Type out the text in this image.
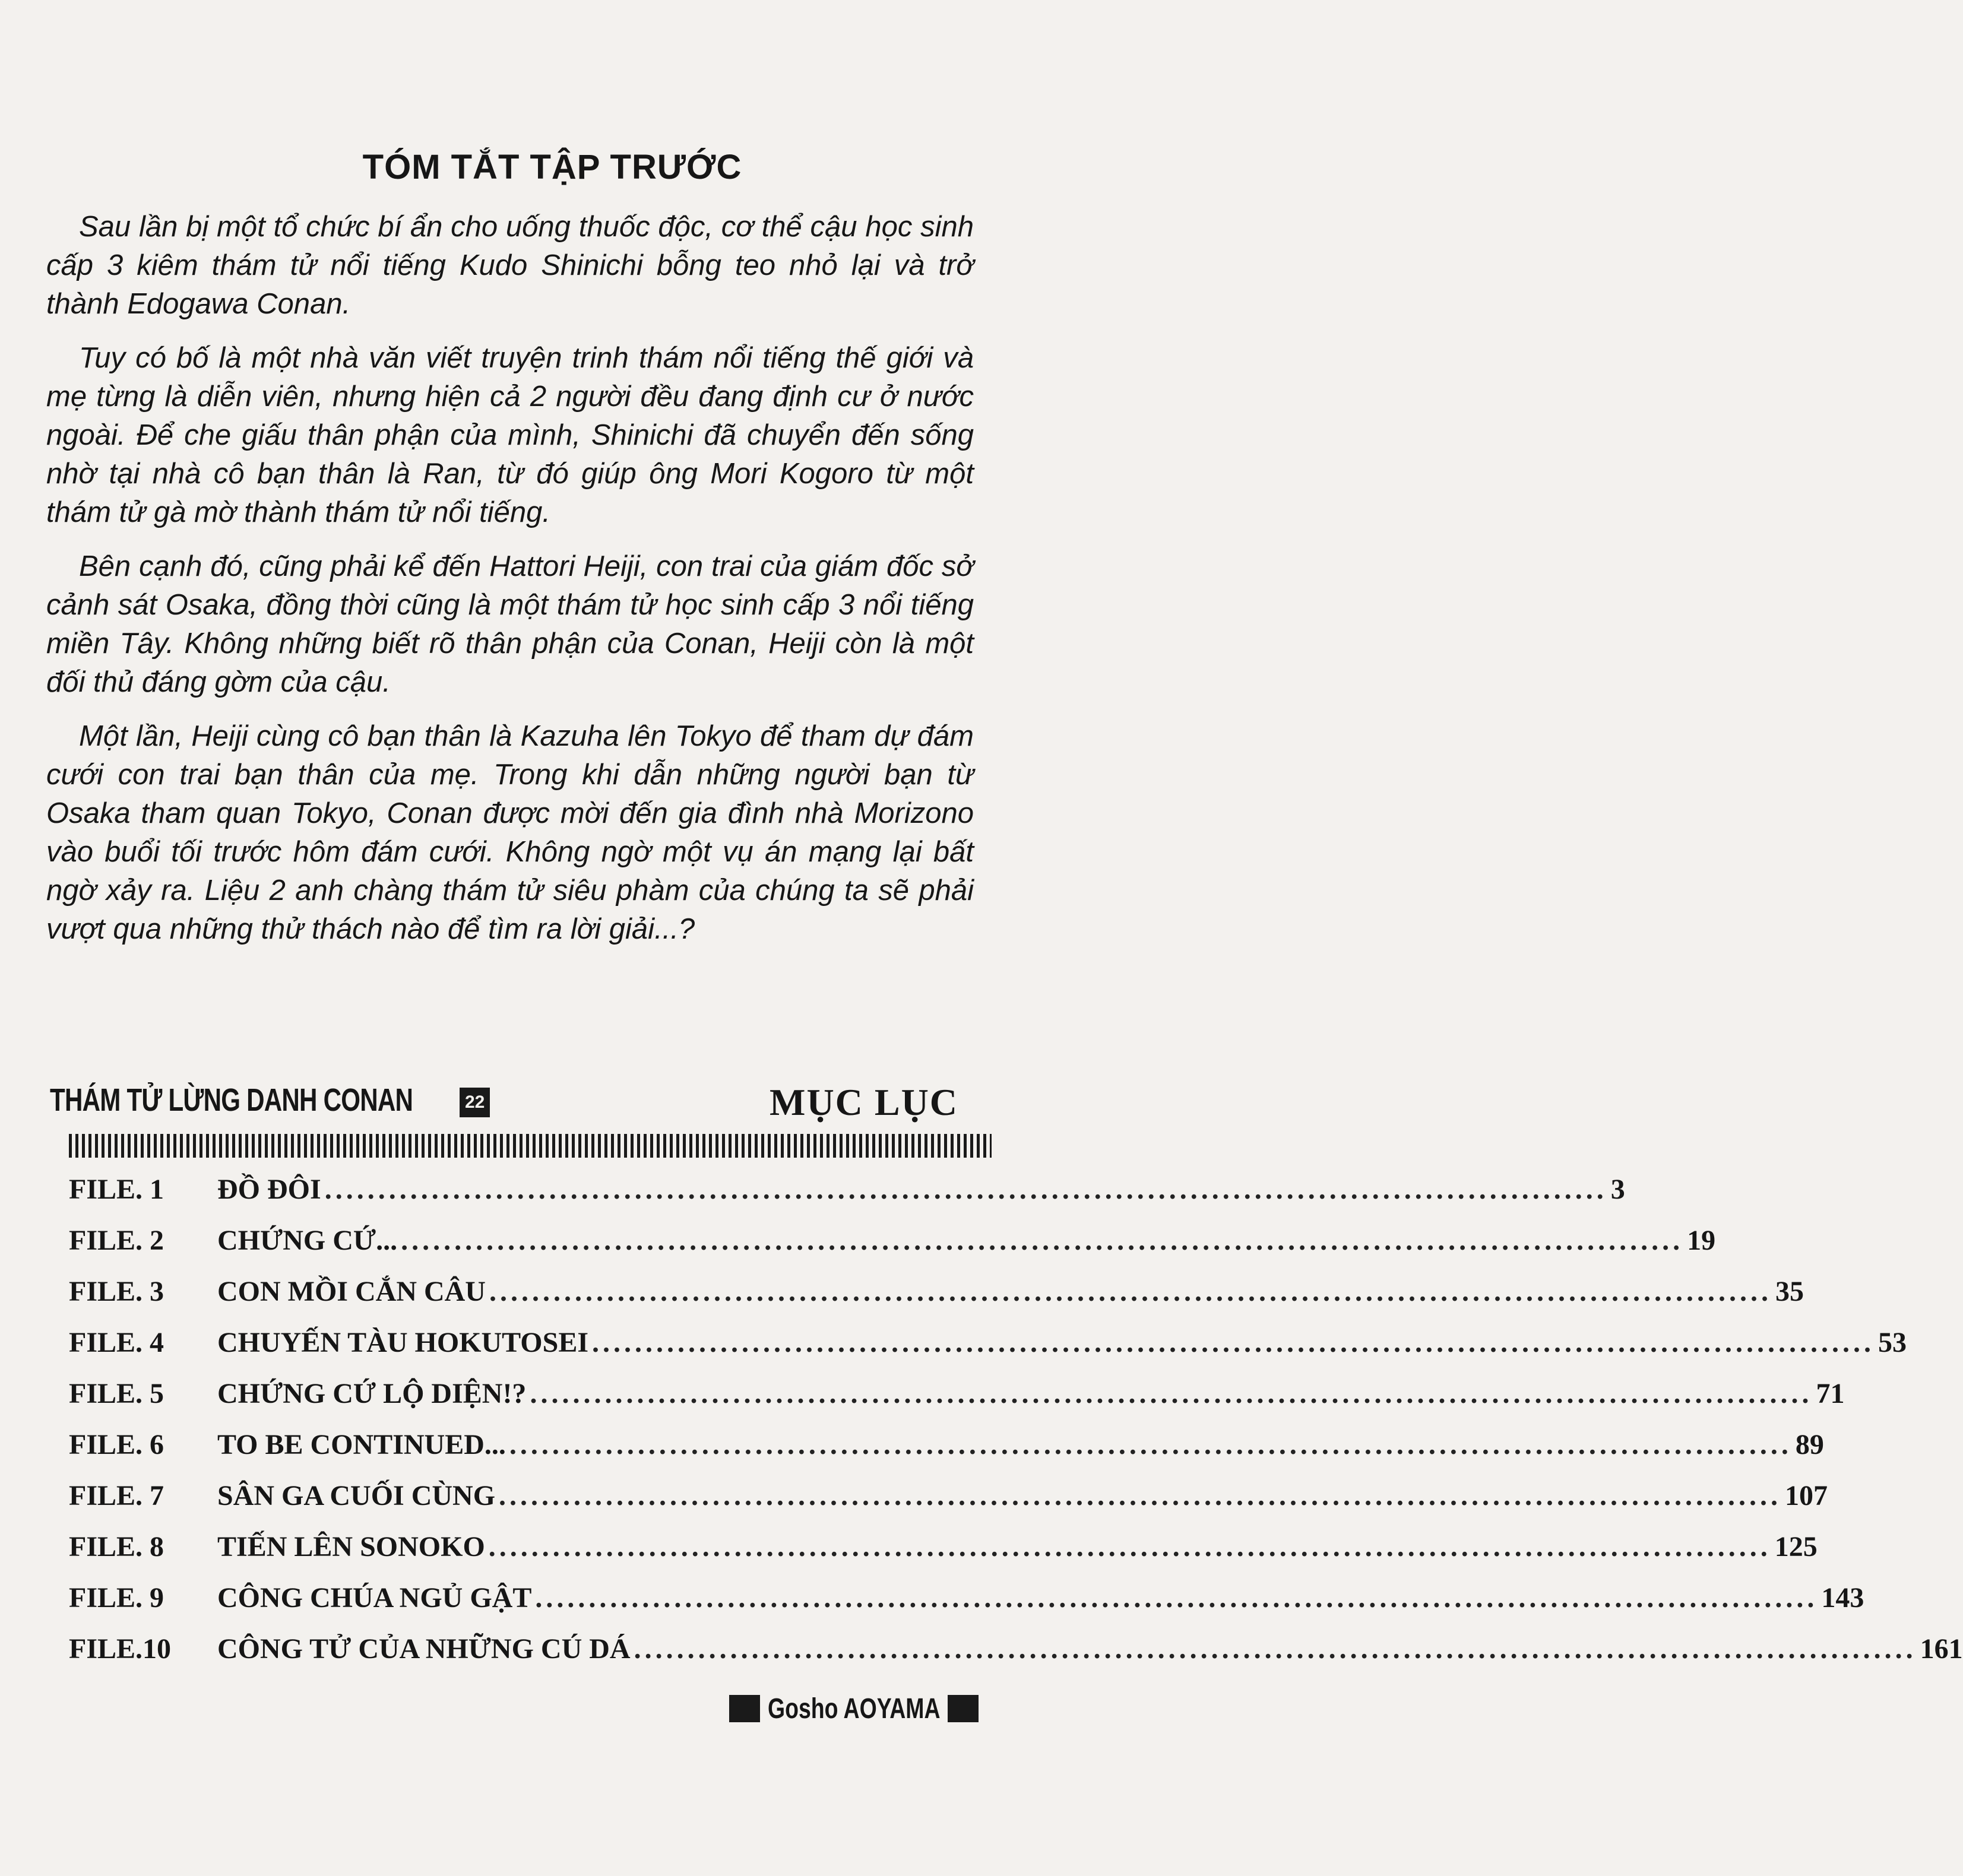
TÓM TẮT TẬP TRƯỚC

Sau lần bị một tổ chức bí ẩn cho uống thuốc độc, cơ thể cậu học sinh cấp 3 kiêm thám tử nổi tiếng Kudo Shinichi bỗng teo nhỏ lại và trở thành Edogawa Conan.

Tuy có bố là một nhà văn viết truyện trinh thám nổi tiếng thế giới và mẹ từng là diễn viên, nhưng hiện cả 2 người đều đang định cư ở nước ngoài. Để che giấu thân phận của mình, Shinichi đã chuyển đến sống nhờ tại nhà cô bạn thân là Ran, từ đó giúp ông Mori Kogoro từ một thám tử gà mờ thành thám tử nổi tiếng.

Bên cạnh đó, cũng phải kể đến Hattori Heiji, con trai của giám đốc sở cảnh sát Osaka, đồng thời cũng là một thám tử học sinh cấp 3 nổi tiếng miền Tây. Không những biết rõ thân phận của Conan, Heiji còn là một đối thủ đáng gờm của cậu.

Một lần, Heiji cùng cô bạn thân là Kazuha lên Tokyo để tham dự đám cưới con trai bạn thân của mẹ. Trong khi dẫn những người bạn từ Osaka tham quan Tokyo, Conan được mời đến gia đình nhà Morizono vào buổi tối trước hôm đám cưới. Không ngờ một vụ án mạng lại bất ngờ xảy ra. Liệu 2 anh chàng thám tử siêu phàm của chúng ta sẽ phải vượt qua những thử thách nào để tìm ra lời giải...?

THÁM TỬ LỪNG DANH CONAN	22	MỤC LỤC
FILE. 1	ĐỒ ĐÔI ........................................................................................................................ 3
FILE. 2	CHỨNG CỨ... ........................................................................................................................ 19
FILE. 3	CON MỒI CẮN CÂU ........................................................................................................................ 35
FILE. 4	CHUYẾN TÀU HOKUTOSEI ........................................................................................................................ 53
FILE. 5	CHỨNG CỨ LỘ DIỆN!? ........................................................................................................................ 71
FILE. 6	TO BE CONTINUED... ........................................................................................................................ 89
FILE. 7	SÂN GA CUỐI CÙNG ........................................................................................................................ 107
FILE. 8	TIẾN LÊN SONOKO ........................................................................................................................ 125
FILE. 9	CÔNG CHÚA NGỦ GẬT ........................................................................................................................ 143
FILE.10	CÔNG TỬ CỦA NHỮNG CÚ DÁ ........................................................................................................................ 161
Gosho AOYAMA
